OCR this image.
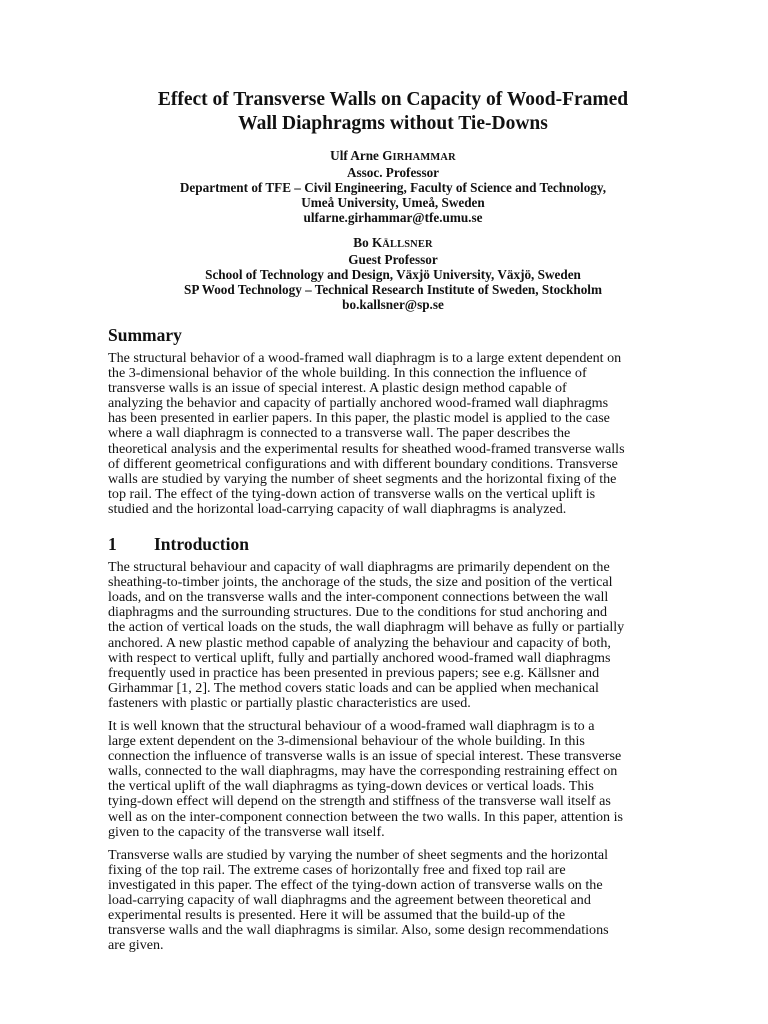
Effect of Transverse Walls on Capacity of Wood-Framed
Wall Diaphragms without Tie-Downs
Ulf Arne GIRHAMMAR
Assoc. Professor
Department of TFE – Civil Engineering, Faculty of Science and Technology,
Umeå University, Umeå, Sweden
ulfarne.girhammar@tfe.umu.se
Bo KÄLLSNER
Guest Professor
School of Technology and Design, Växjö University, Växjö, Sweden
SP Wood Technology – Technical Research Institute of Sweden, Stockholm
bo.kallsner@sp.se
Summary
The structural behavior of a wood-framed wall diaphragm is to a large extent dependent on
the 3-dimensional behavior of the whole building. In this connection the influence of
transverse walls is an issue of special interest. A plastic design method capable of
analyzing the behavior and capacity of partially anchored wood-framed wall diaphragms
has been presented in earlier papers. In this paper, the plastic model is applied to the case
where a wall diaphragm is connected to a transverse wall. The paper describes the
theoretical analysis and the experimental results for sheathed wood-framed transverse walls
of different geometrical configurations and with different boundary conditions. Transverse
walls are studied by varying the number of sheet segments and the horizontal fixing of the
top rail. The effect of the tying-down action of transverse walls on the vertical uplift is
studied and the horizontal load-carrying capacity of wall diaphragms is analyzed.
1 Introduction
The structural behaviour and capacity of wall diaphragms are primarily dependent on the
sheathing-to-timber joints, the anchorage of the studs, the size and position of the vertical
loads, and on the transverse walls and the inter-component connections between the wall
diaphragms and the surrounding structures. Due to the conditions for stud anchoring and
the action of vertical loads on the studs, the wall diaphragm will behave as fully or partially
anchored. A new plastic method capable of analyzing the behaviour and capacity of both,
with respect to vertical uplift, fully and partially anchored wood-framed wall diaphragms
frequently used in practice has been presented in previous papers; see e.g. Källsner and
Girhammar [1, 2]. The method covers static loads and can be applied when mechanical
fasteners with plastic or partially plastic characteristics are used.
It is well known that the structural behaviour of a wood-framed wall diaphragm is to a
large extent dependent on the 3-dimensional behaviour of the whole building. In this
connection the influence of transverse walls is an issue of special interest. These transverse
walls, connected to the wall diaphragms, may have the corresponding restraining effect on
the vertical uplift of the wall diaphragms as tying-down devices or vertical loads. This
tying-down effect will depend on the strength and stiffness of the transverse wall itself as
well as on the inter-component connection between the two walls. In this paper, attention is
given to the capacity of the transverse wall itself.
Transverse walls are studied by varying the number of sheet segments and the horizontal
fixing of the top rail. The extreme cases of horizontally free and fixed top rail are
investigated in this paper. The effect of the tying-down action of transverse walls on the
load-carrying capacity of wall diaphragms and the agreement between theoretical and
experimental results is presented. Here it will be assumed that the build-up of the
transverse walls and the wall diaphragms is similar. Also, some design recommendations
are given.
